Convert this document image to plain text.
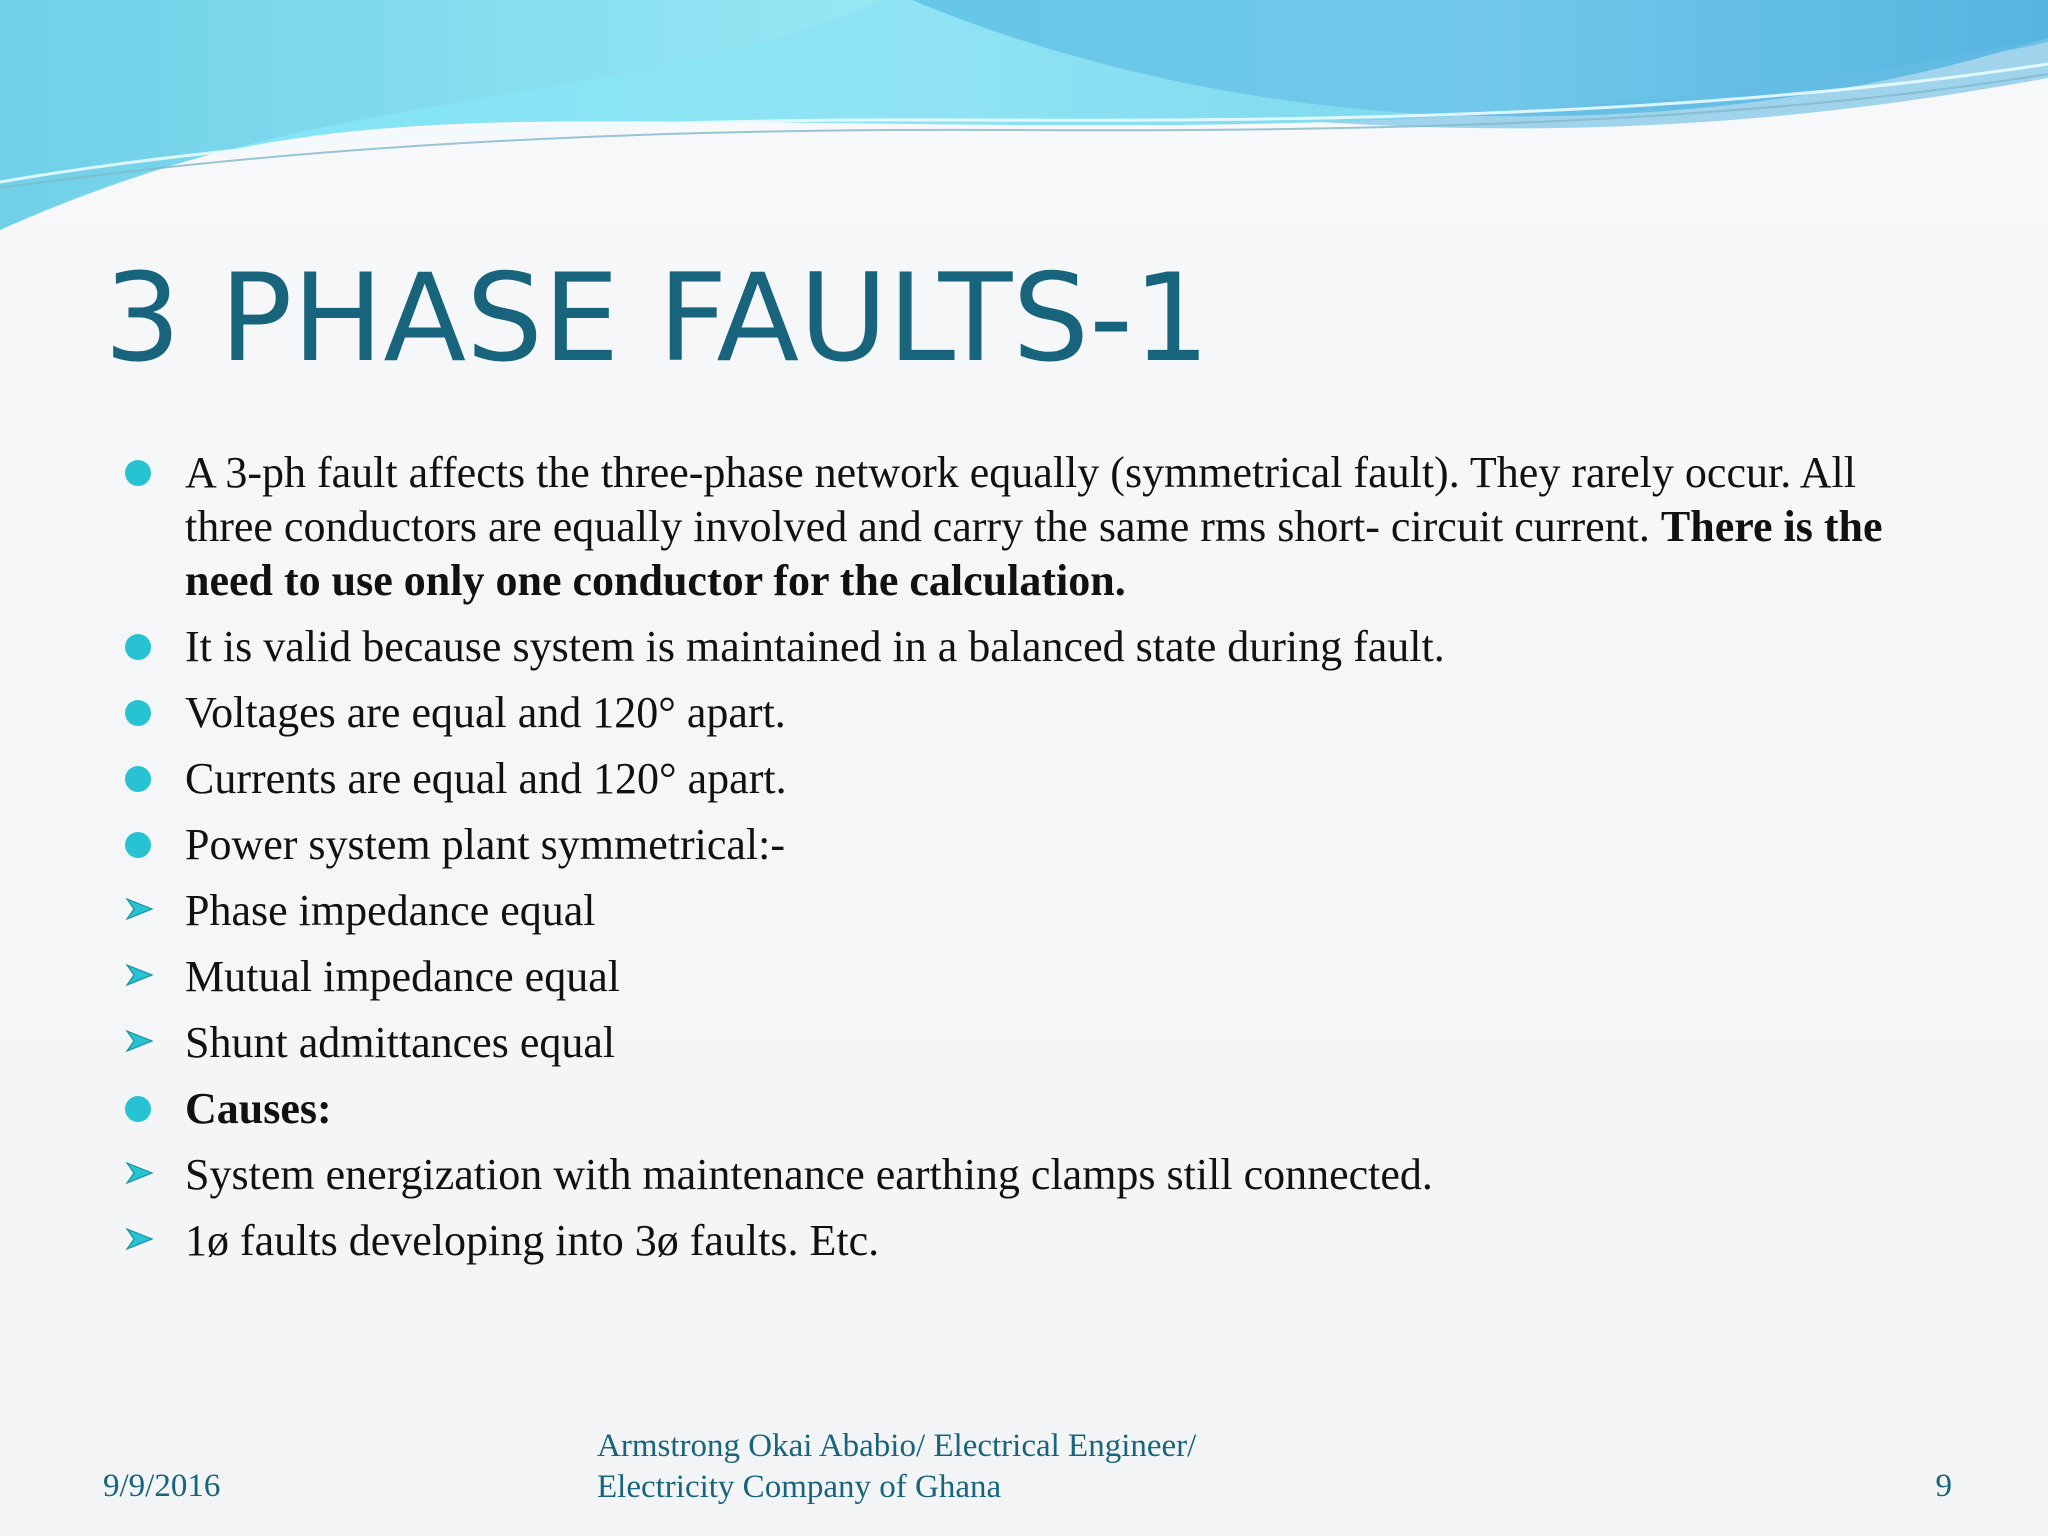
3 PHASE FAULTS-1
A 3-ph fault affects the three-phase network equally (symmetrical fault). They rarely occur. All three conductors are equally involved and carry the same rms short- circuit current. There is the need to use only one conductor for the calculation.
It is valid because system is maintained in a balanced state during fault.
Voltages are equal and 120° apart.
Currents are equal and 120° apart.
Power system plant symmetrical:-
Phase impedance equal
Mutual impedance equal
Shunt admittances equal
Causes:
System energization with maintenance earthing clamps still connected.
1ø faults developing into 3ø faults. Etc.
9/9/2016
Armstrong Okai Ababio/ Electrical Engineer/
Electricity Company of Ghana	9
